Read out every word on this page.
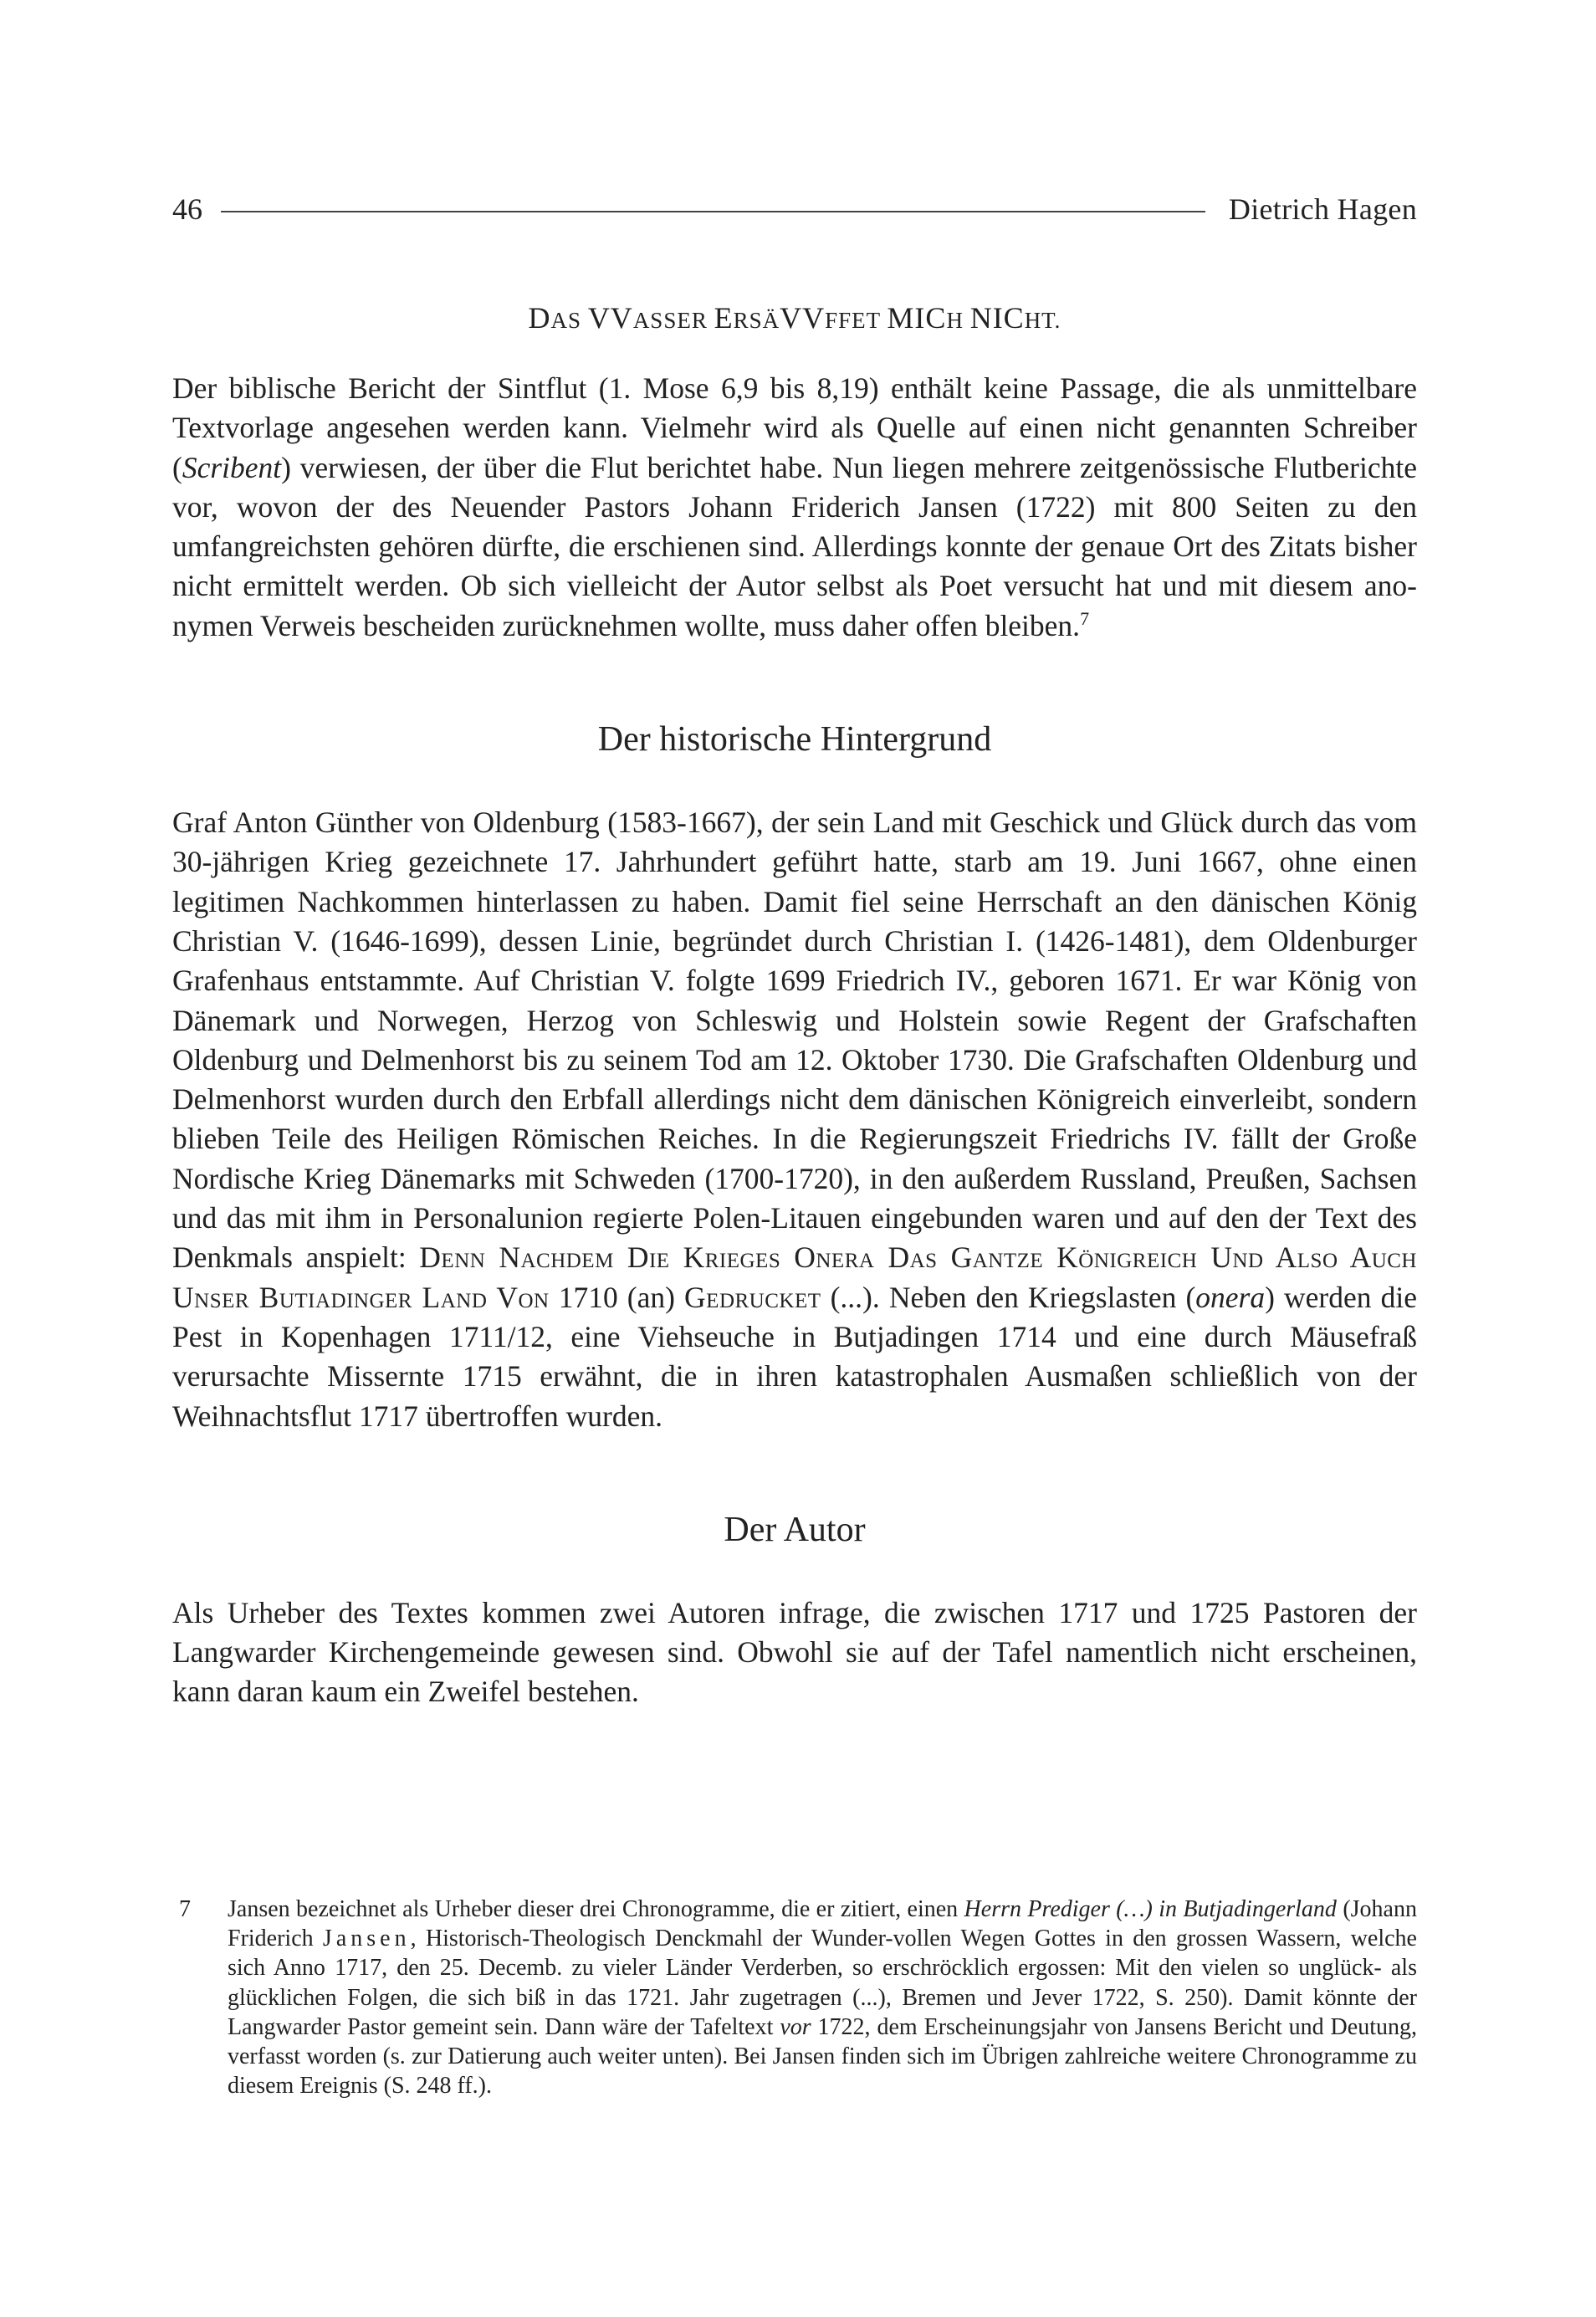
46	Dietrich Hagen
DAS VVASSER ERSÄVVFFET MICH NICHT.

Der biblische Bericht der Sintflut (1. Mose 6,9 bis 8,19) enthält keine Passage, die als unmittelbare Textvorlage angesehen werden kann. Vielmehr wird als Quelle auf einen nicht genannten Schreiber (Scribent) verwiesen, der über die Flut berichtet habe. Nun liegen mehrere zeitgenössische Flutberichte vor, wovon der des Neuender Pastors Johann Friderich Jansen (1722) mit 800 Seiten zu den umfangreichsten gehören dürfte, die erschienen sind. Allerdings konnte der genaue Ort des Zitats bisher nicht ermittelt werden. Ob sich vielleicht der Autor selbst als Poet versucht hat und mit diesem anonymen Verweis bescheiden zurücknehmen wollte, muss daher offen bleiben.$^7$

Der historische Hintergrund

Graf Anton Günther von Oldenburg (1583-1667), der sein Land mit Geschick und Glück durch das vom 30-jährigen Krieg gezeichnete 17. Jahrhundert geführt hatte, starb am 19. Juni 1667, ohne einen legitimen Nachkommen hinterlassen zu haben. Damit fiel seine Herrschaft an den dänischen König Christian V. (1646-1699), dessen Linie, begründet durch Christian I. (1426-1481), dem Oldenburger Grafenhaus entstammte. Auf Christian V. folgte 1699 Friedrich IV., geboren 1671. Er war König von Dänemark und Norwegen, Herzog von Schleswig und Holstein sowie Regent der Grafschaften Oldenburg und Delmenhorst bis zu seinem Tod am 12. Oktober 1730. Die Grafschaften Oldenburg und Delmenhorst wurden durch den Erbfall allerdings nicht dem dänischen Königreich einverleibt, sondern blieben Teile des Heiligen Römischen Reiches. In die Regierungszeit Friedrichs IV. fällt der Große Nordische Krieg Dänemarks mit Schweden (1700-1720), in den außerdem Russland, Preußen, Sachsen und das mit ihm in Personalunion regierte Polen-Litauen eingebunden waren und auf den der Text des Denkmals anspielt: Denn Nachdem Die Krieges Onera Das Gantze Königreich Und Also Auch Unser Butiadinger Land Von 1710 (an) Gedrucket (...). Neben den Kriegslasten (onera) werden die Pest in Kopenhagen 1711/12, eine Viehseuche in Butjadingen 1714 und eine durch Mäusefraß verursachte Missernte 1715 erwähnt, die in ihren katastrophalen Ausmaßen schließlich von der Weihnachtsflut 1717 übertroffen wurden.

Der Autor

Als Urheber des Textes kommen zwei Autoren infrage, die zwischen 1717 und 1725 Pastoren der Langwarder Kirchengemeinde gewesen sind. Obwohl sie auf der Tafel namentlich nicht erscheinen, kann daran kaum ein Zweifel bestehen.

7	Jansen bezeichnet als Urheber dieser drei Chronogramme, die er zitiert, einen Herrn Prediger (…) in Butjadingerland (Johann Friderich Jansen, Historisch-Theologisch Denckmahl der Wunder-vollen Wegen Gottes in den grossen Wassern, welche sich Anno 1717, den 25. Decemb. zu vieler Länder Verderben, so erschröcklich ergossen: Mit den vielen so unglück- als glücklichen Folgen, die sich biß in das 1721. Jahr zugetragen (...), Bremen und Jever 1722, S. 250). Damit könnte der Langwarder Pastor gemeint sein. Dann wäre der Tafeltext vor 1722, dem Erscheinungsjahr von Jansens Bericht und Deutung, verfasst worden (s. zur Datierung auch weiter unten). Bei Jansen finden sich im Übrigen zahlreiche weitere Chronogramme zu diesem Ereignis (S. 248 ff.).
